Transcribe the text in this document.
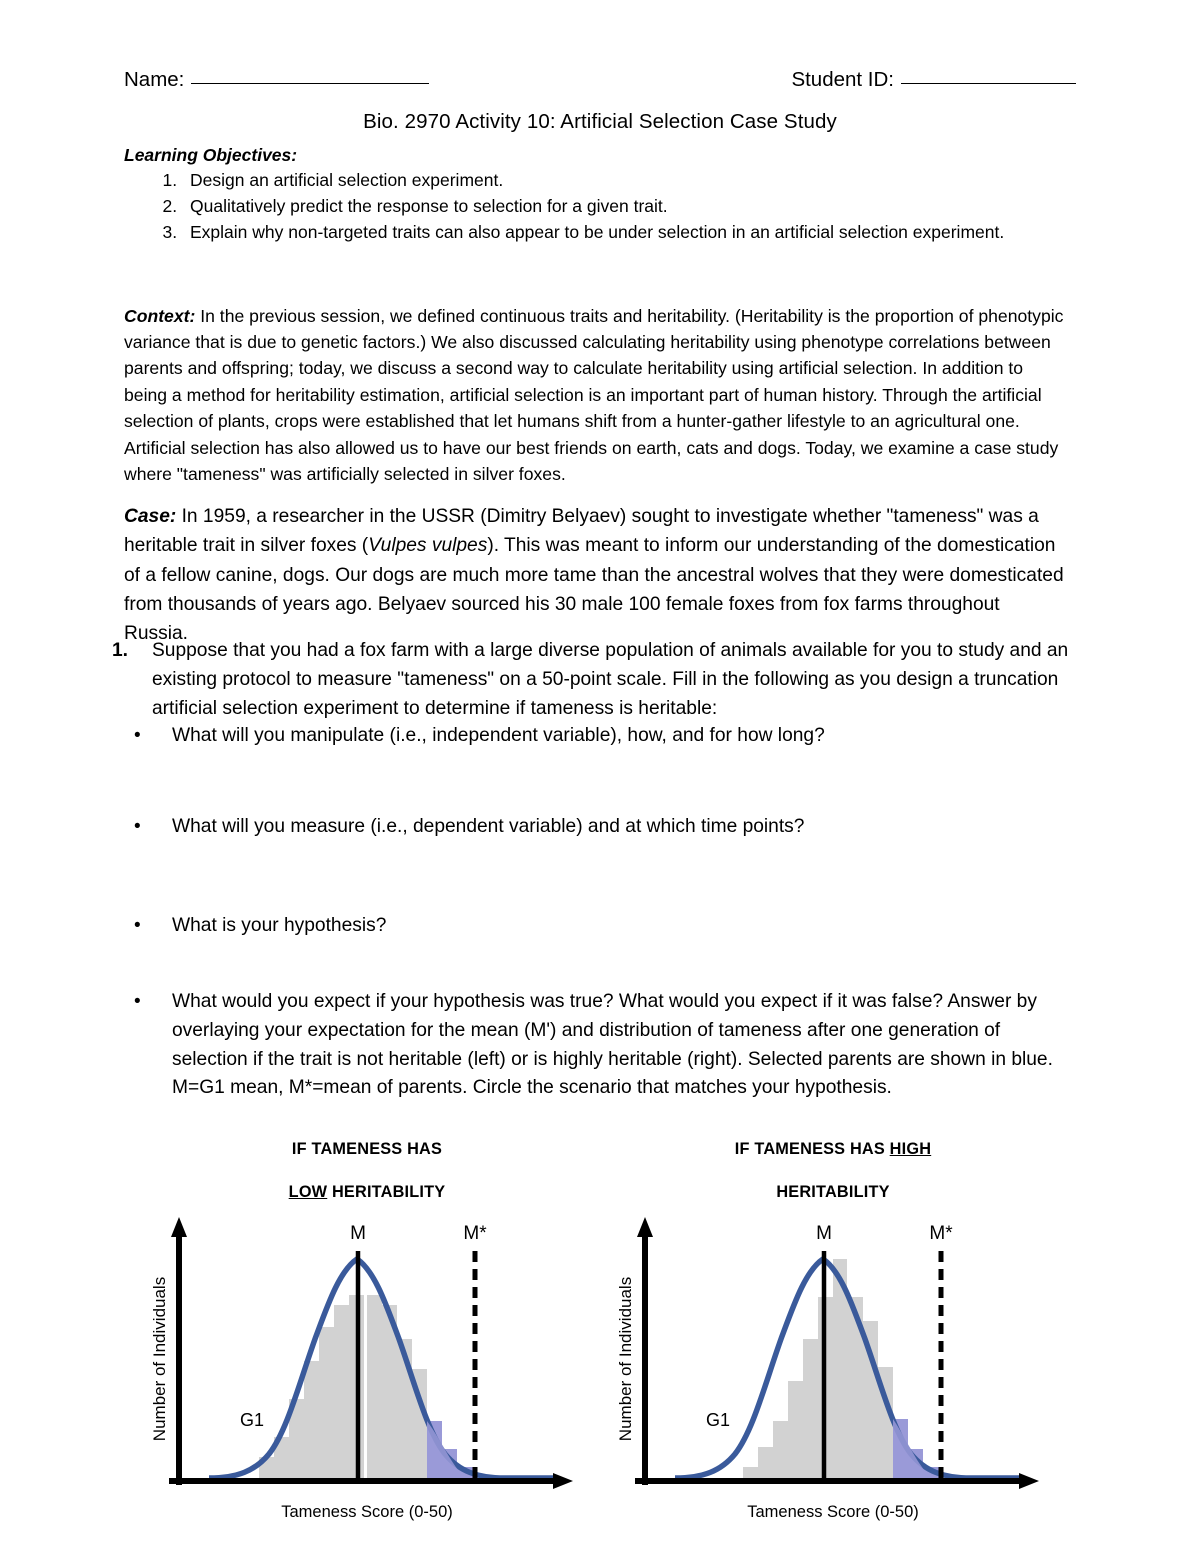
Name:	Student ID:
Bio. 2970 Activity 10: Artificial Selection Case Study
Learning Objectives:
1. Design an artificial selection experiment.
2. Qualitatively predict the response to selection for a given trait.
3. Explain why non-targeted traits can also appear to be under selection in an artificial selection experiment.

Context: In the previous session, we defined continuous traits and heritability. (Heritability is the proportion of phenotypic variance that is due to genetic factors.) We also discussed calculating heritability using phenotype correlations between parents and offspring; today, we discuss a second way to calculate heritability using artificial selection. In addition to being a method for heritability estimation, artificial selection is an important part of human history. Through the artificial selection of plants, crops were established that let humans shift from a hunter-gather lifestyle to an agricultural one. Artificial selection has also allowed us to have our best friends on earth, cats and dogs. Today, we examine a case study where "tameness" was artificially selected in silver foxes.

Case: In 1959, a researcher in the USSR (Dimitry Belyaev) sought to investigate whether "tameness" was a heritable trait in silver foxes (Vulpes vulpes). This was meant to inform our understanding of the domestication of a fellow canine, dogs. Our dogs are much more tame than the ancestral wolves that they were domesticated from thousands of years ago. Belyaev sourced his 30 male 100 female foxes from fox farms throughout Russia.

1.	Suppose that you had a fox farm with a large diverse population of animals available for you to study and an existing protocol to measure "tameness" on a 50-point scale. Fill in the following as you design a truncation artificial selection experiment to determine if tameness is heritable:
• What will you manipulate (i.e., independent variable), how, and for how long?
• What will you measure (i.e., dependent variable) and at which time points?
• What is your hypothesis?
• What would you expect if your hypothesis was true? What would you expect if it was false? Answer by overlaying your expectation for the mean (M') and distribution of tameness after one generation of selection if the trait is not heritable (left) or is highly heritable (right). Selected parents are shown in blue. M=G1 mean, M*=mean of parents. Circle the scenario that matches your hypothesis.

IF TAMENESS HAS

LOW HERITABILITY

M	M*
G1
Number of Individuals
Tameness Score (0-50)

IF TAMENESS HAS HIGH

HERITABILITY

M	M*
G1
Number of Individuals
Tameness Score (0-50)
